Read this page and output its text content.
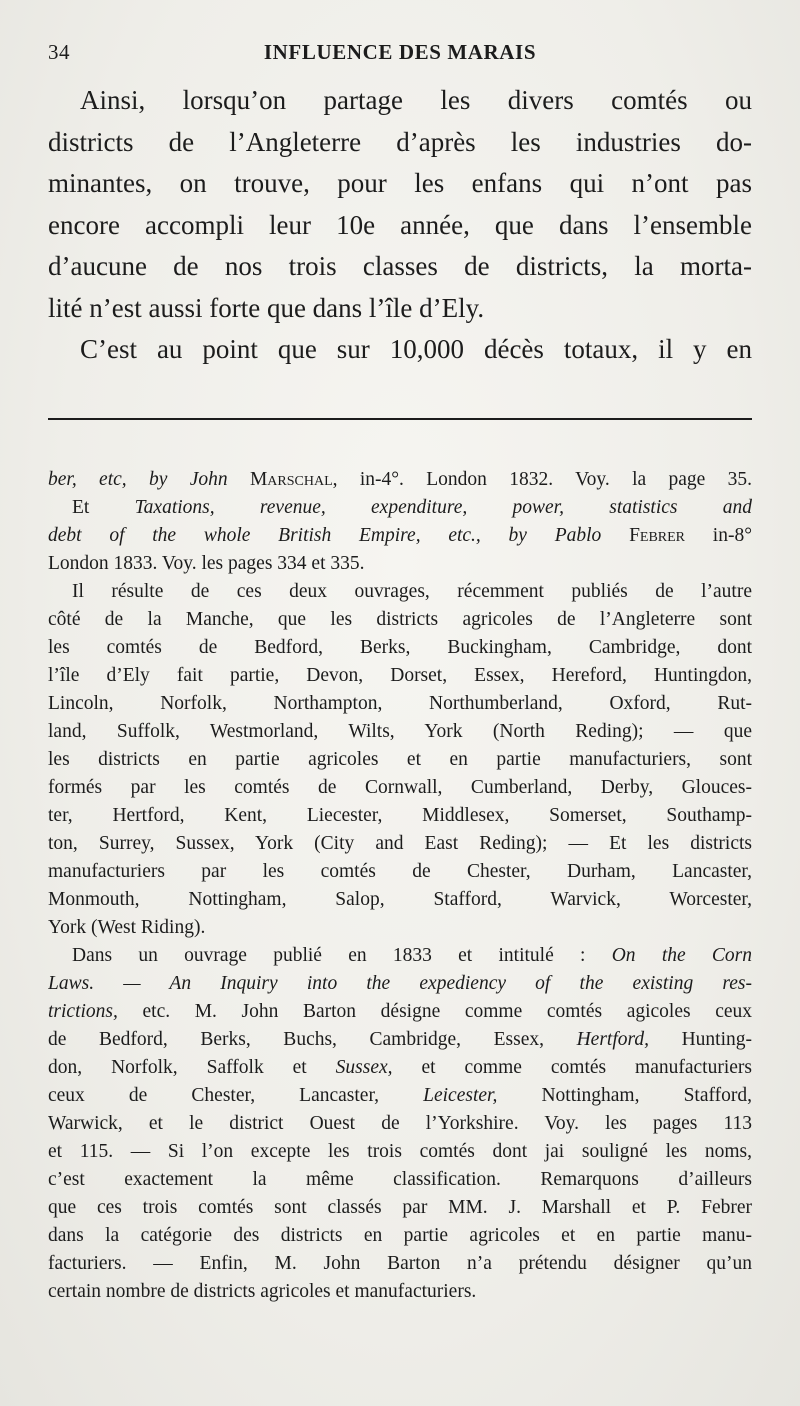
34	INFLUENCE DES MARAIS
Ainsi, lorsqu’on partage les divers comtés ou
districts de l’Angleterre d’après les industries do-
minantes, on trouve, pour les enfans qui n’ont pas
encore accompli leur 10e année, que dans l’ensemble
d’aucune de nos trois classes de districts, la morta-
lité n’est aussi forte que dans l’île d’Ely.
C’est au point que sur 10,000 décès totaux, il y en
ber, etc, by John Marschal, in-4°. London 1832. Voy. la page 35.
Et Taxations, revenue, expenditure, power, statistics and
debt of the whole British Empire, etc., by Pablo Febrer in-8°
London 1833. Voy. les pages 334 et 335.
Il résulte de ces deux ouvrages, récemment publiés de l’autre
côté de la Manche, que les districts agricoles de l’Angleterre sont
les comtés de Bedford, Berks, Buckingham, Cambridge, dont
l’île d’Ely fait partie, Devon, Dorset, Essex, Hereford, Huntingdon,
Lincoln, Norfolk, Northampton, Northumberland, Oxford, Rut-
land, Suffolk, Westmorland, Wilts, York (North Reding); — que
les districts en partie agricoles et en partie manufacturiers, sont
formés par les comtés de Cornwall, Cumberland, Derby, Glouces-
ter, Hertford, Kent, Liecester, Middlesex, Somerset, Southamp-
ton, Surrey, Sussex, York (City and East Reding); — Et les districts
manufacturiers par les comtés de Chester, Durham, Lancaster,
Monmouth, Nottingham, Salop, Stafford, Warvick, Worcester,
York (West Riding).
Dans un ouvrage publié en 1833 et intitulé : On the Corn
Laws. — An Inquiry into the expediency of the existing res-
trictions, etc. M. John Barton désigne comme comtés agicoles ceux
de Bedford, Berks, Buchs, Cambridge, Essex, Hertford, Hunting-
don, Norfolk, Saffolk et Sussex, et comme comtés manufacturiers
ceux de Chester, Lancaster, Leicester, Nottingham, Stafford,
Warwick, et le district Ouest de l’Yorkshire. Voy. les pages 113
et 115. — Si l’on excepte les trois comtés dont jai souligné les noms,
c’est exactement la même classification. Remarquons d’ailleurs
que ces trois comtés sont classés par MM. J. Marshall et P. Febrer
dans la catégorie des districts en partie agricoles et en partie manu-
facturiers. — Enfin, M. John Barton n’a prétendu désigner qu’un
certain nombre de districts agricoles et manufacturiers.
